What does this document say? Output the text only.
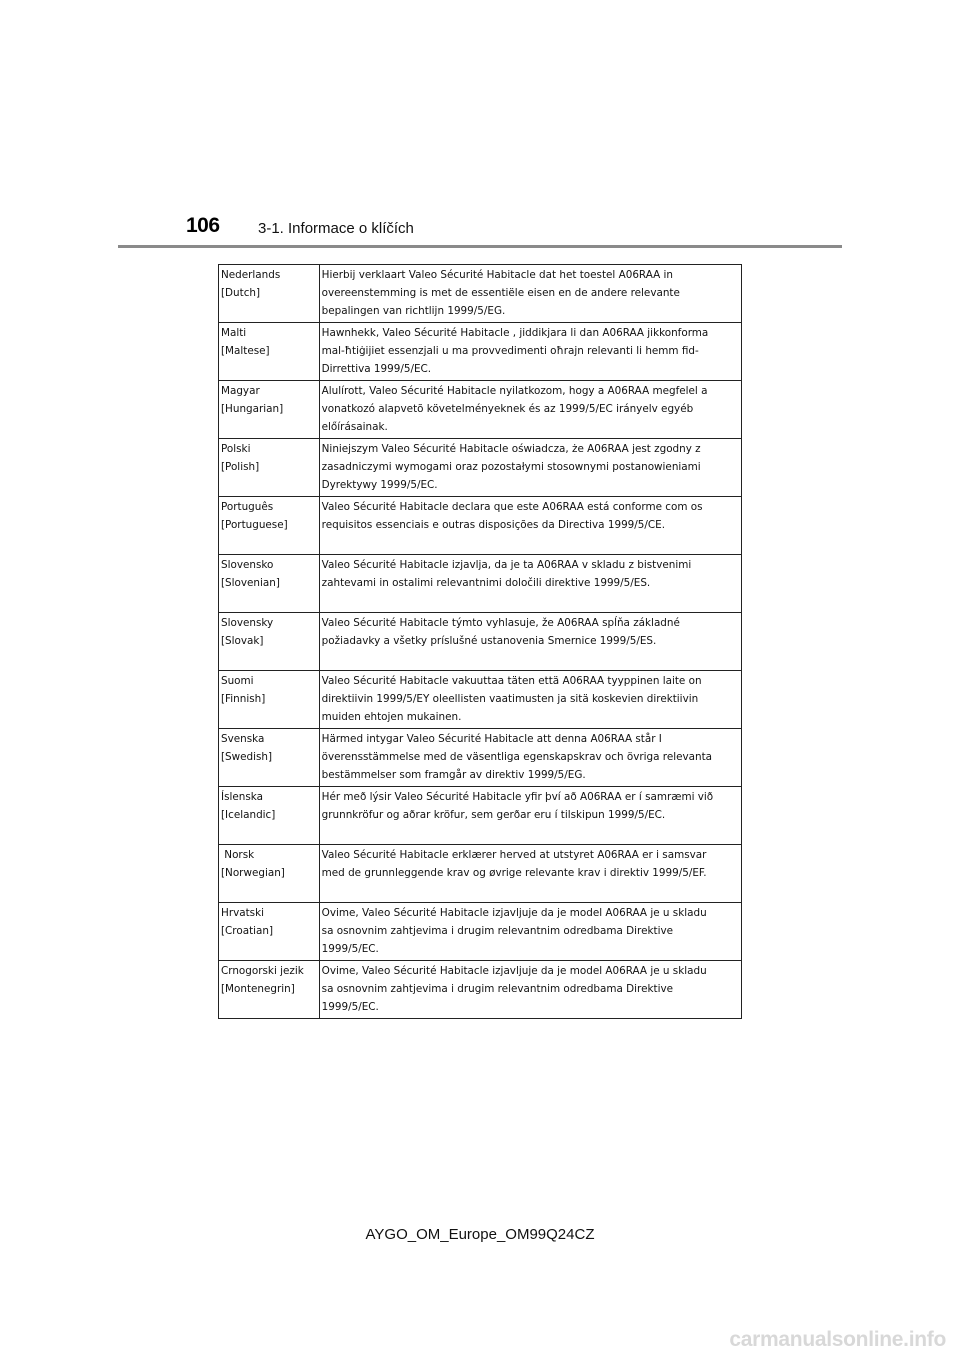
106	3-1. Informace o klíčích
Nederlands
[Dutch]	Hierbij verklaart Valeo Sécurité Habitacle dat het toestel A06RAA in
overeenstemming is met de essentiële eisen en de andere relevante
bepalingen van richtlijn 1999/5/EG.

Malti
[Maltese]	Hawnhekk, Valeo Sécurité Habitacle , jiddikjara li dan A06RAA jikkonforma
mal-ħtiġijiet essenzjali u ma provvedimenti oħrajn relevanti li hemm fid-
Dirrettiva 1999/5/EC.

Magyar
[Hungarian]	Alulírott, Valeo Sécurité Habitacle nyilatkozom, hogy a A06RAA megfelel a
vonatkozó alapvetõ követelményeknek és az 1999/5/EC irányelv egyéb
előírásainak.

Polski
[Polish]	Niniejszym Valeo Sécurité Habitacle oświadcza, że A06RAA jest zgodny z
zasadniczymi wymogami oraz pozostałymi stosownymi postanowieniami
Dyrektywy 1999/5/EC.

Português
[Portuguese]	Valeo Sécurité Habitacle declara que este A06RAA está conforme com os
requisitos essenciais e outras disposições da Directiva 1999/5/CE.

Slovensko
[Slovenian]	Valeo Sécurité Habitacle izjavlja, da je ta A06RAA v skladu z bistvenimi
zahtevami in ostalimi relevantnimi določili direktive 1999/5/ES.

Slovensky
[Slovak]	Valeo Sécurité Habitacle týmto vyhlasuje, že A06RAA spĺňa základné
požiadavky a všetky príslušné ustanovenia Smernice 1999/5/ES.

Suomi
[Finnish]	Valeo Sécurité Habitacle vakuuttaa täten että A06RAA tyyppinen laite on
direktiivin 1999/5/EY oleellisten vaatimusten ja sitä koskevien direktiivin
muiden ehtojen mukainen.

Svenska
[Swedish]	Härmed intygar Valeo Sécurité Habitacle att denna A06RAA står I
överensstämmelse med de väsentliga egenskapskrav och övriga relevanta
bestämmelser som framgår av direktiv 1999/5/EG.

Íslenska
[Icelandic]	Hér með lýsir Valeo Sécurité Habitacle yfir því að A06RAA er í samræmi við
grunnkröfur og aðrar kröfur, sem gerðar eru í tilskipun 1999/5/EC.

Norsk
[Norwegian]	Valeo Sécurité Habitacle erklærer herved at utstyret A06RAA er i samsvar
med de grunnleggende krav og øvrige relevante krav i direktiv 1999/5/EF.

Hrvatski
[Croatian]	Ovime, Valeo Sécurité Habitacle izjavljuje da je model A06RAA je u skladu
sa osnovnim zahtjevima i drugim relevantnim odredbama Direktive
1999/5/EC.

Crnogorski jezik
[Montenegrin]	Ovime, Valeo Sécurité Habitacle izjavljuje da je model A06RAA je u skladu
sa osnovnim zahtjevima i drugim relevantnim odredbama Direktive
1999/5/EC.
AYGO_OM_Europe_OM99Q24CZ
carmanualsonline.info
